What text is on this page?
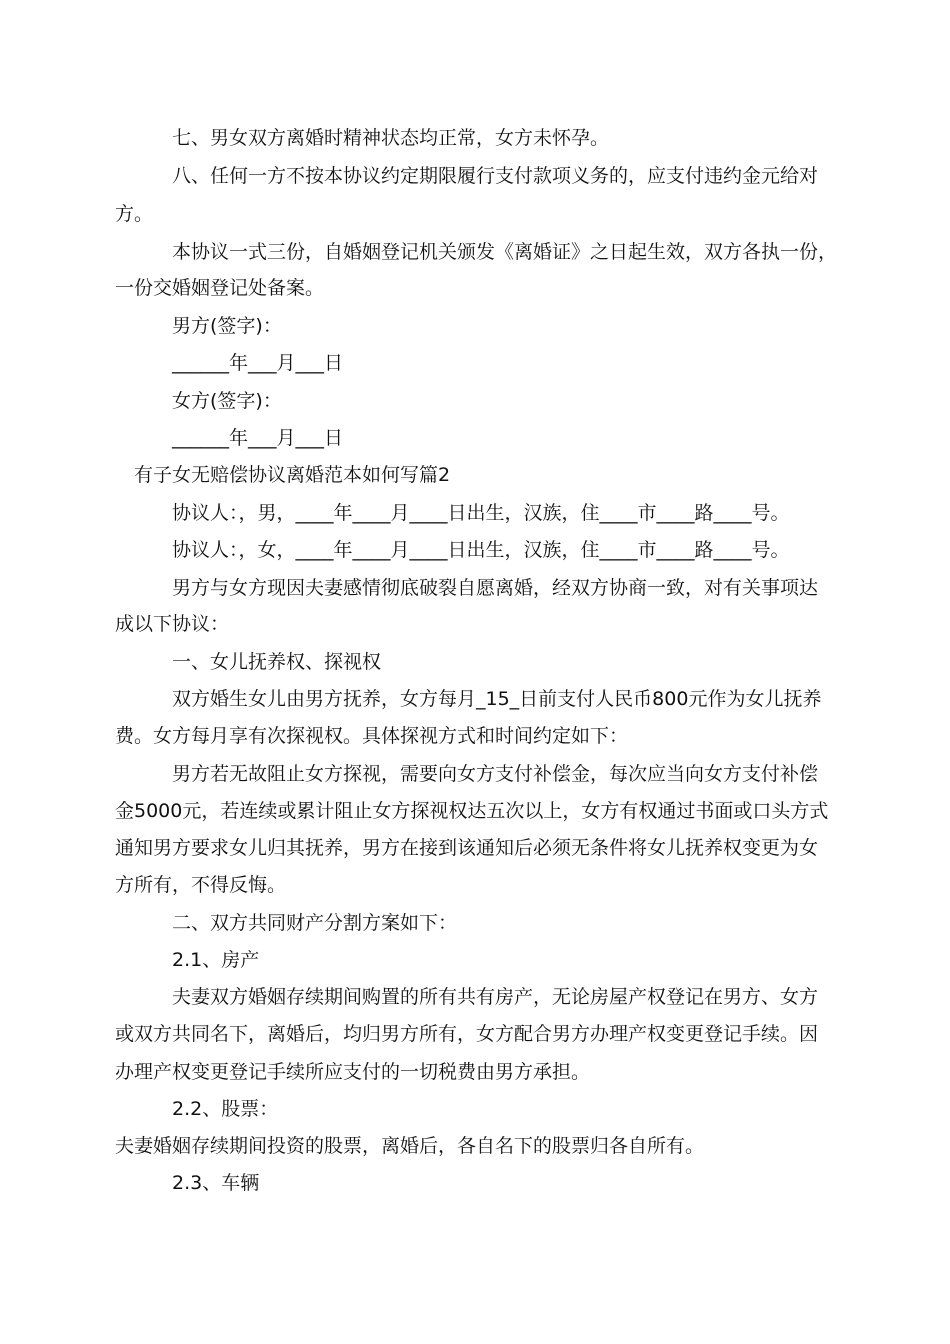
七、男女双方离婚时精神状态均正常，女方未怀孕。
八、任何一方不按本协议约定期限履行支付款项义务的，应支付违约金元给对
方。
本协议一式三份，自婚姻登记机关颁发《离婚证》之日起生效，双方各执一份，
一份交婚姻登记处备案。
男方(签字)：
______年___月___日
女方(签字)：
______年___月___日
有子女无赔偿协议离婚范本如何写篇2
协议人：，男，____年____月____日出生，汉族，住____市____路____号。
协议人：，女，____年____月____日出生，汉族，住____市____路____号。
男方与女方现因夫妻感情彻底破裂自愿离婚，经双方协商一致，对有关事项达
成以下协议：
一、女儿抚养权、探视权
双方婚生女儿由男方抚养，女方每月_15_日前支付人民币800元作为女儿抚养
费。女方每月享有次探视权。具体探视方式和时间约定如下：
男方若无故阻止女方探视，需要向女方支付补偿金，每次应当向女方支付补偿
金5000元，若连续或累计阻止女方探视权达五次以上，女方有权通过书面或口头方式
通知男方要求女儿归其抚养，男方在接到该通知后必须无条件将女儿抚养权变更为女
方所有，不得反悔。
二、双方共同财产分割方案如下：
2.1、房产
夫妻双方婚姻存续期间购置的所有共有房产，无论房屋产权登记在男方、女方
或双方共同名下，离婚后，均归男方所有，女方配合男方办理产权变更登记手续。因
办理产权变更登记手续所应支付的一切税费由男方承担。
2.2、股票：
夫妻婚姻存续期间投资的股票，离婚后，各自名下的股票归各自所有。
2.3、车辆
